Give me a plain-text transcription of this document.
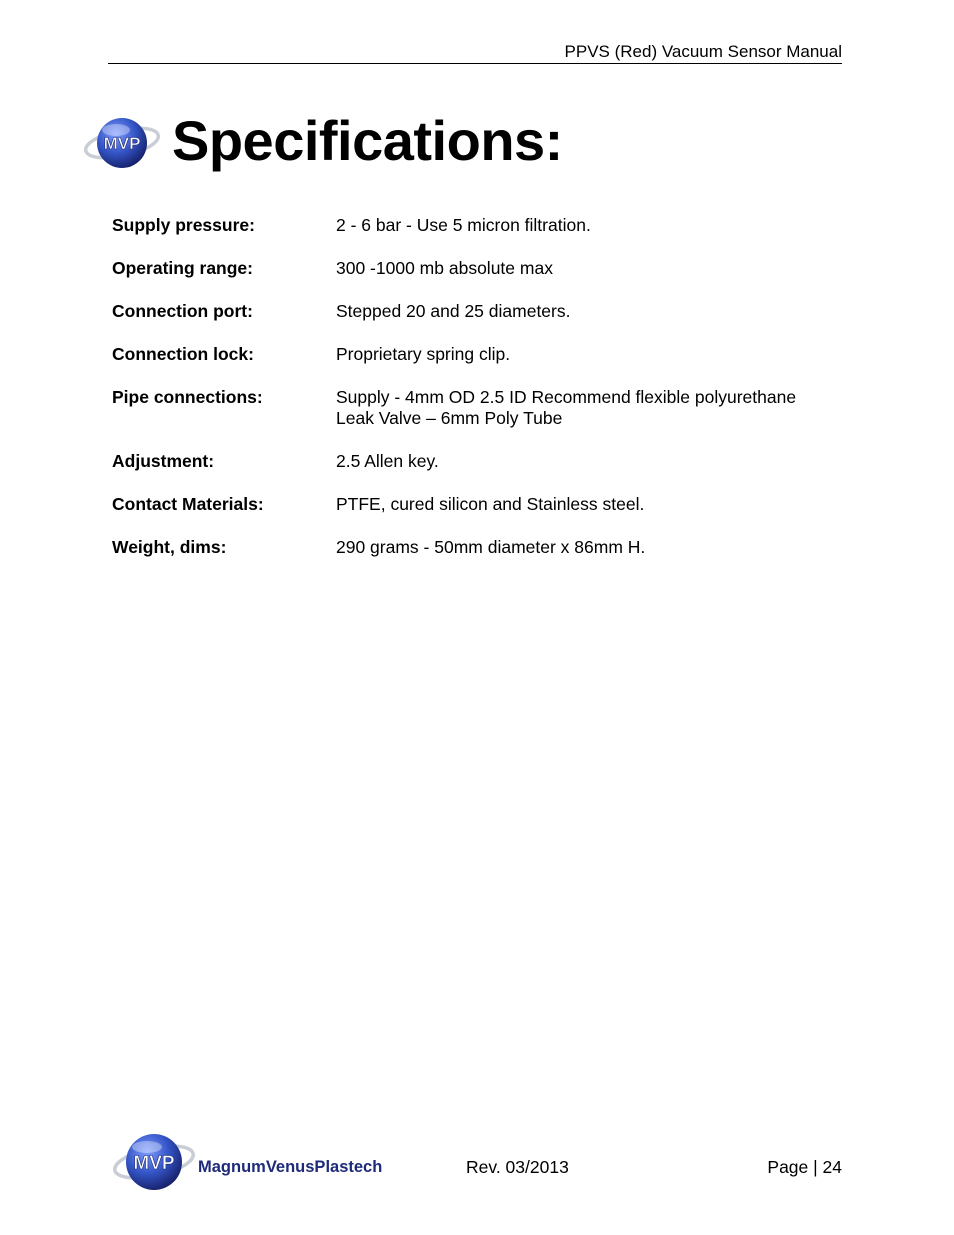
PPVS (Red) Vacuum Sensor Manual
MVP Specifications:
Supply pressure:	2 - 6 bar - Use 5 micron filtration.
Operating range:	300 -1000 mb absolute max
Connection port:	Stepped 20 and 25 diameters.
Connection lock:	Proprietary spring clip.
Pipe connections:	Supply - 4mm OD 2.5 ID Recommend flexible polyurethane
Leak Valve – 6mm Poly Tube
Adjustment:	2.5 Allen key.
Contact Materials:	PTFE, cured silicon and Stainless steel.
Weight, dims:	290 grams - 50mm diameter x 86mm H.
MVP MagnumVenusPlastech	Rev. 03/2013	Page | 24
